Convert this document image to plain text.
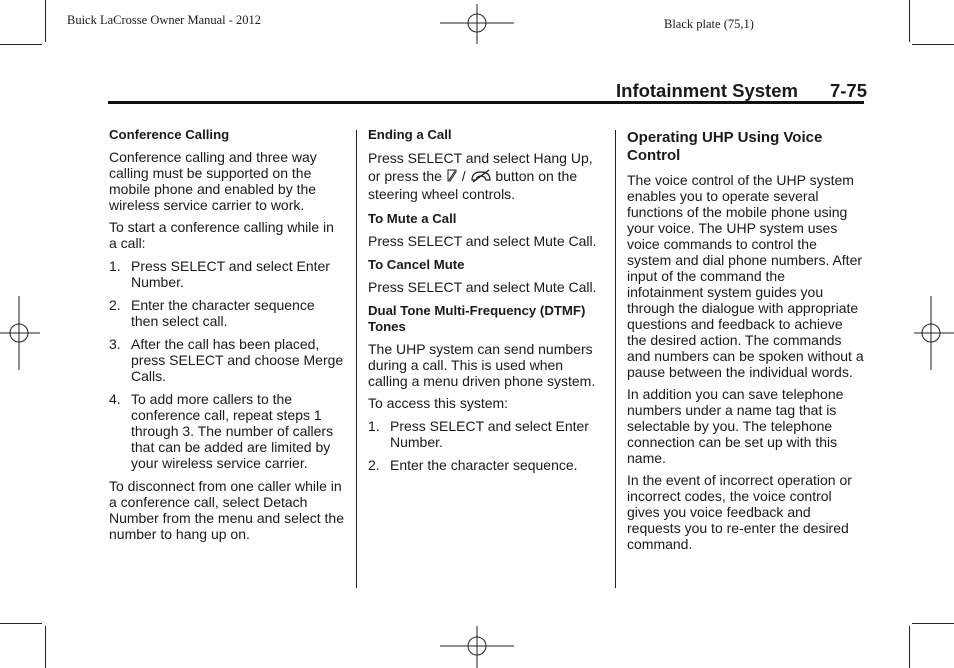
Buick LaCrosse Owner Manual - 2012	Black plate (75,1)
Infotainment System 7-75
Conference Calling

Conference calling and three way calling must be supported on the mobile phone and enabled by the wireless service carrier to work.

To start a conference calling while in a call:

1. Press SELECT and select Enter Number.
2. Enter the character sequence then select call.
3. After the call has been placed, press SELECT and choose Merge Calls.
4. To add more callers to the conference call, repeat steps 1 through 3. The number of callers that can be added are limited by your wireless service carrier.

To disconnect from one caller while in a conference call, select Detach Number from the menu and select the number to hang up on.

Ending a Call

Press SELECT and select Hang Up, or press the / button on the steering wheel controls.

To Mute a Call

Press SELECT and select Mute Call.

To Cancel Mute

Press SELECT and select Mute Call.

Dual Tone Multi-Frequency (DTMF) Tones

The UHP system can send numbers during a call. This is used when calling a menu driven phone system.

To access this system:

1. Press SELECT and select Enter Number.
2. Enter the character sequence.
Operating UHP Using Voice Control

The voice control of the UHP system enables you to operate several functions of the mobile phone using your voice. The UHP system uses voice commands to control the system and dial phone numbers. After input of the command the infotainment system guides you through the dialogue with appropriate questions and feedback to achieve the desired action. The commands and numbers can be spoken without a pause between the individual words.

In addition you can save telephone numbers under a name tag that is selectable by you. The telephone connection can be set up with this name.

In the event of incorrect operation or incorrect codes, the voice control gives you voice feedback and requests you to re-enter the desired command.
